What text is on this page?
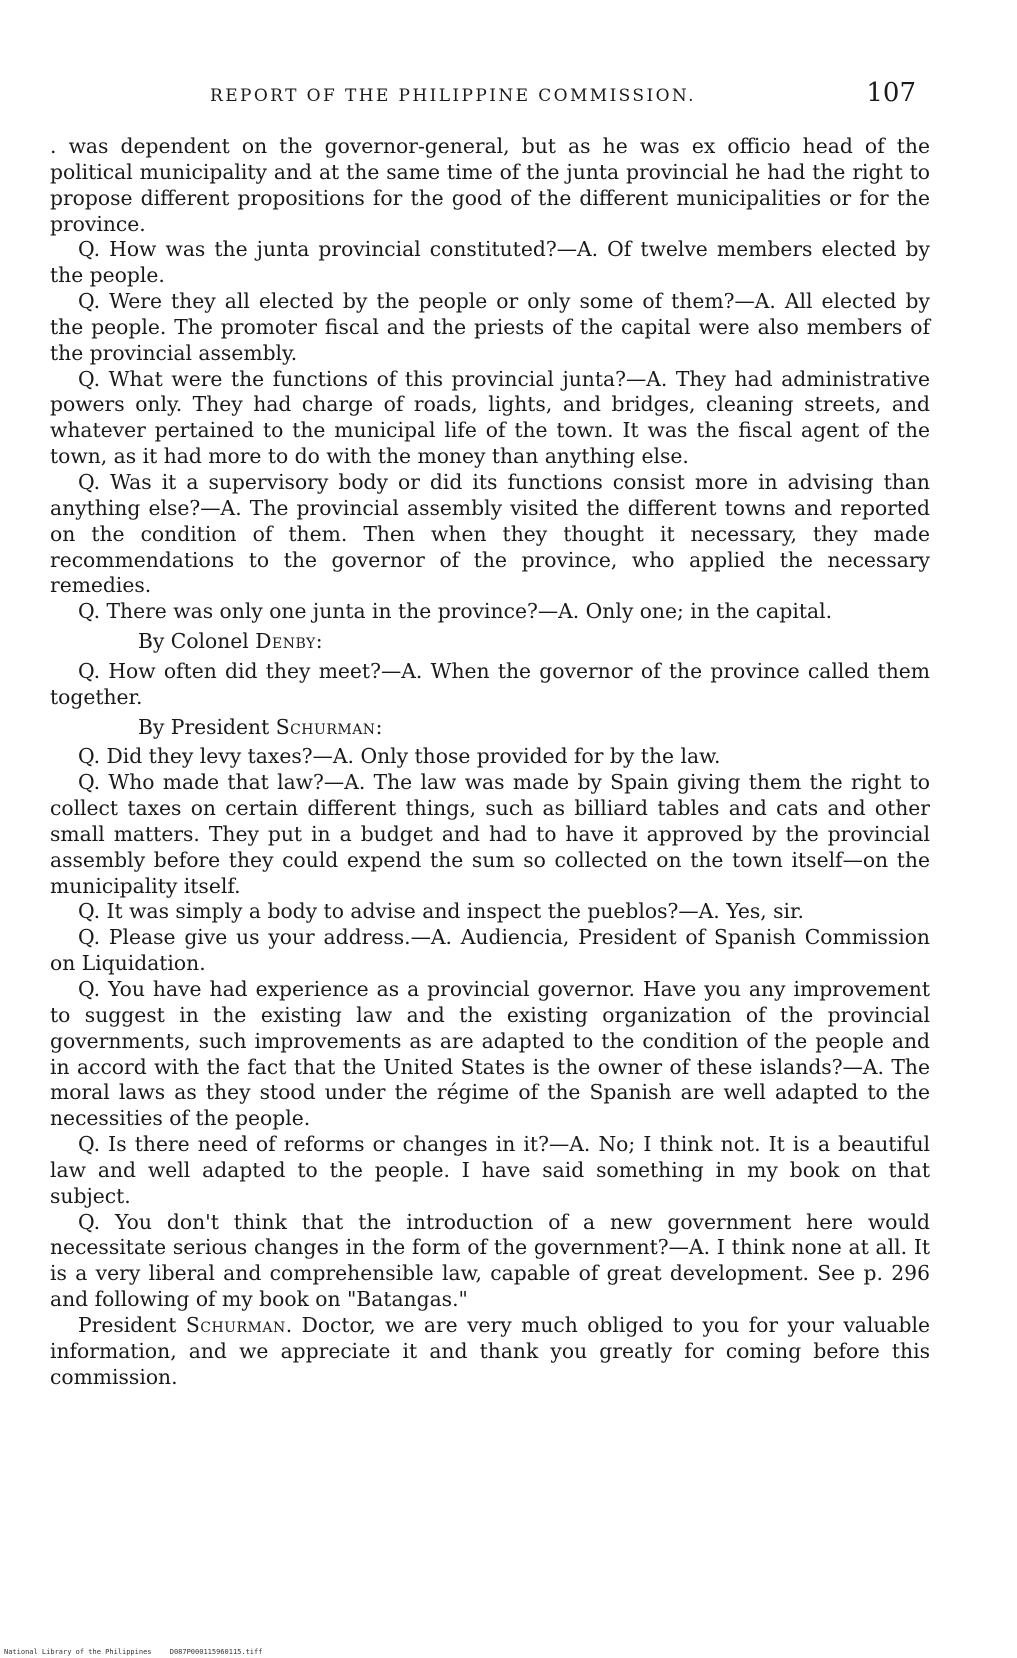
REPORT OF THE PHILIPPINE COMMISSION.	107

. was dependent on the governor-general, but as he was ex officio head of the political municipality and at the same time of the junta provincial he had the right to propose different propositions for the good of the different municipalities or for the province.

Q. How was the junta provincial constituted?—A. Of twelve members elected by the people.

Q. Were they all elected by the people or only some of them?—A. All elected by the people. The promoter fiscal and the priests of the capital were also members of the provincial assembly.

Q. What were the functions of this provincial junta?—A. They had administrative powers only. They had charge of roads, lights, and bridges, cleaning streets, and whatever pertained to the municipal life of the town. It was the fiscal agent of the town, as it had more to do with the money than anything else.

Q. Was it a supervisory body or did its functions consist more in advising than anything else?—A. The provincial assembly visited the different towns and reported on the condition of them. Then when they thought it necessary, they made recommendations to the governor of the province, who applied the necessary remedies.

Q. There was only one junta in the province?—A. Only one; in the capital.

By Colonel Denby:

Q. How often did they meet?—A. When the governor of the province called them together.

By President Schurman:

Q. Did they levy taxes?—A. Only those provided for by the law.

Q. Who made that law?—A. The law was made by Spain giving them the right to collect taxes on certain different things, such as billiard tables and cats and other small matters. They put in a budget and had to have it approved by the provincial assembly before they could expend the sum so collected on the town itself—on the municipality itself.

Q. It was simply a body to advise and inspect the pueblos?—A. Yes, sir.

Q. Please give us your address.—A. Audiencia, President of Spanish Commission on Liquidation.

Q. You have had experience as a provincial governor. Have you any improvement to suggest in the existing law and the existing organization of the provincial governments, such improvements as are adapted to the condition of the people and in accord with the fact that the United States is the owner of these islands?—A. The moral laws as they stood under the régime of the Spanish are well adapted to the necessities of the people.

Q. Is there need of reforms or changes in it?—A. No; I think not. It is a beautiful law and well adapted to the people. I have said something in my book on that subject.

Q. You don't think that the introduction of a new government here would necessitate serious changes in the form of the government?—A. I think none at all. It is a very liberal and comprehensible law, capable of great development. See p. 296 and following of my book on "Batangas."

President Schurman. Doctor, we are very much obliged to you for your valuable information, and we appreciate it and thank you greatly for coming before this commission.

National Library of the Philippines	D087P000115960115.tiff
